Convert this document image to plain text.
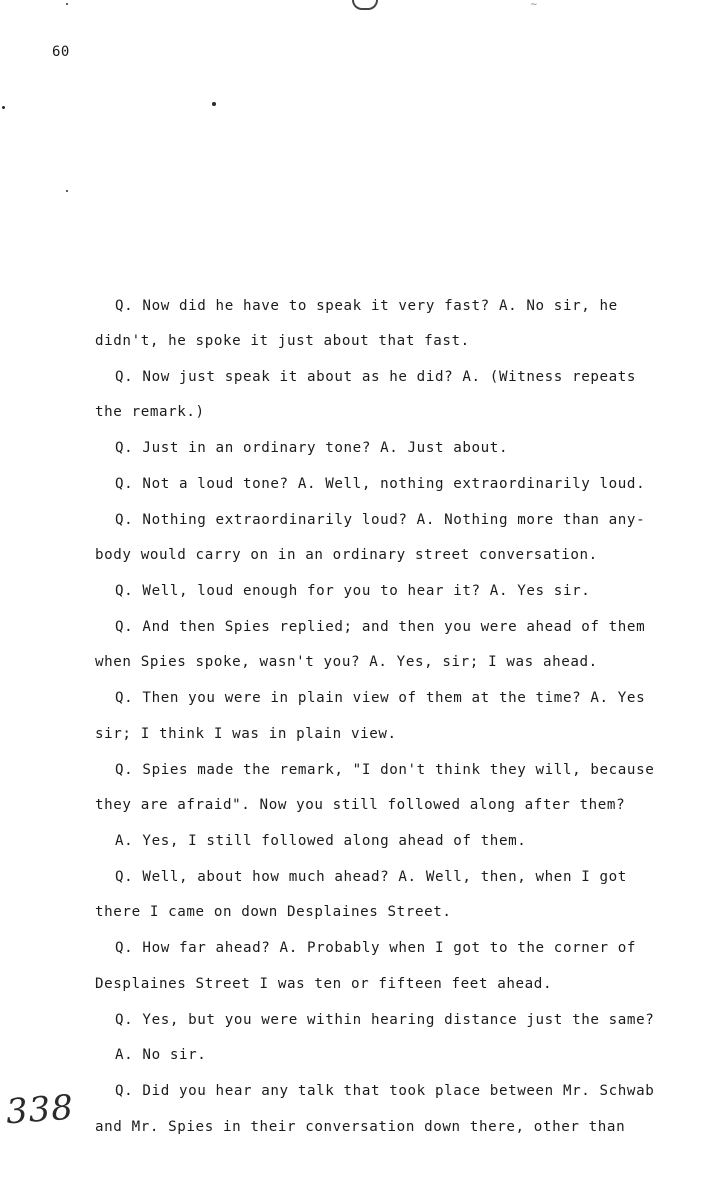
~
60
Q. Now did he have to speak it very fast? A. No sir, he
didn't, he spoke it just about that fast.
Q. Now just speak it about as he did? A. (Witness repeats
the remark.)
Q. Just in an ordinary tone? A. Just about.
Q. Not a loud tone? A. Well, nothing extraordinarily loud.
Q. Nothing extraordinarily loud? A. Nothing more than any-
body would carry on in an ordinary street conversation.
Q. Well, loud enough for you to hear it? A. Yes sir.
Q. And then Spies replied; and then you were ahead of them
when Spies spoke, wasn't you? A. Yes, sir; I was ahead.
Q. Then you were in plain view of them at the time? A. Yes
sir; I think I was in plain view.
Q. Spies made the remark, "I don't think they will, because
they are afraid". Now you still followed along after them?
A. Yes, I still followed along ahead of them.
Q. Well, about how much ahead? A. Well, then, when I got
there I came on down Desplaines Street.
Q. How far ahead? A. Probably when I got to the corner of
Desplaines Street I was ten or fifteen feet ahead.
Q. Yes, but you were within hearing distance just the same?
A. No sir.
Q. Did you hear any talk that took place between Mr. Schwab
and Mr. Spies in their conversation down there, other than
338
